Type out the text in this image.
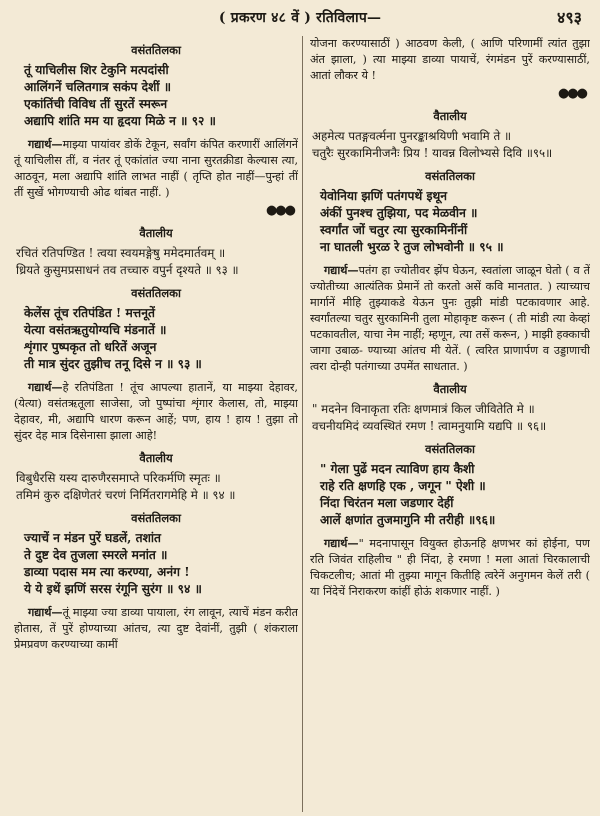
( प्रकरण ४८ वें ) रतिविलाप—	४९३
वसंततिलका
तूं याचिलीस शिर टेकुनि मत्पदांसी
आलिंगनें चलितगात्र सकंप देशीं ॥
एकांतिंची विविध तीं सुरतें स्मरून
अद्यापि शांति मम या हृदया मिळे न ॥ ९२ ॥
गद्यार्थ—माझ्या पायांवर डोकें टेकून, सर्वांग कंपित करणारीं आलिंगनें तूं याचिलीस तीं, व नंतर तूं एकांतांत ज्या नाना सुरतक्रीडा केल्यास त्या, आठवून, मला अद्यापि शांति लाभत नाहीं ( तृप्ति होत नाहीं—पुन्हां तीं तीं सुखें भोगण्याची ओढ थांबत नाहीं. )
●●●
वैतालीय
रचितं रतिपण्डित ! त्वया स्वयमङ्गेषु ममेदमार्तवम् ॥
ध्रियते कुसुमप्रसाधनं तव तच्चारु वपुर्न दृश्यते ॥ ९३ ॥
वसंततिलका
केलेंस तूंच रतिपंडित ! मत्तनूतें
येत्या वसंतऋतुयोग्यचि मंडनातें ॥
शृंगार पुष्पकृत तो धरितें अजून
ती मात्र सुंदर तुझीच तनू दिसे न ॥ ९३ ॥
गद्यार्थ—हे रतिपंडिता ! तूंच आपल्या हातानें, या माझ्या देहावर, (येत्या) वसंतऋतूला साजेसा, जो पुष्पांचा शृंगार केलास, तो, माझ्या देहावर, मी, अद्यापि धारण करून आहें; पण, हाय ! हाय ! तुझा तो सुंदर देह मात्र दिसेनासा झाला आहे!
वैतालीय
विबुधैरसि यस्य दारुणैरसमाप्ते परिकर्मणि स्मृतः ॥
तमिमं कुरु दक्षिणेतरं चरणं निर्मितरागमेहि मे ॥ ९४ ॥
वसंततिलका
ज्याचें न मंडन पुरें घडलें, तशांत
ते दुष्ट देव तुजला स्मरले मनांत ॥
डाव्या पदास मम त्या करण्या, अनंग !
ये ये इथें झणिं सरस रंगूनि सुरंग ॥ ९४ ॥
गद्यार्थ—तूं माझ्या ज्या डाव्या पायाला, रंग लावून, त्याचें मंडन करीत होतास, तें पुरें होण्याच्या आंतच, त्या दुष्ट देवांनीं, तुझी ( शंकराला प्रेमप्रवण करण्याच्या कामीं
योजना करण्यासाठीं ) आठवण केली, ( आणि परिणामीं त्यांत तुझा अंत झाला, ) त्या माझ्या डाव्या पायाचें, रंगमंडन पुरें करण्यासाठीं, आतां लौकर ये !
●●●
वैतालीय
अहमेत्य पतङ्गवर्त्मना पुनरङ्काश्रयिणी भवामि ते ॥
चतुरैः सुरकामिनीजनैः प्रिय ! यावन्न विलोभ्यसे दिवि ॥९५॥
वसंततिलका
येवोनिया झणिं पतंगपथें इथून
अंकीं पुनश्च तुझिया, पद मेळवीन ॥
स्वर्गांत जों चतुर त्या सुरकामिनींनीं
ना घातली भुरळ रे तुज लोभवोनी ॥ ९५ ॥
गद्यार्थ—पतंग हा ज्योतीवर झेंप घेऊन, स्वतांला जाळून घेतो ( व तें ज्योतीच्या आत्यंतिक प्रेमानें तो करतो असें कवि मानतात. ) त्याच्याच मार्गानें मीहि तुझ्याकडे येऊन पुनः तुझी मांडी पटकावणार आहे. स्वर्गांतल्या चतुर सुरकामिनी तुला मोहाकृष्ट करून ( ती मांडी त्या केव्हां पटकावतील, याचा नेम नाहीं; म्हणून, त्या तसें करून, ) माझी हक्काची जागा उबाळ- ण्याच्या आंतच मी येतें. ( त्वरित प्राणार्पण व उड्डाणाची त्वरा दोन्ही पतंगाच्या उपमेंत साधतात. )
वैतालीय
" मदनेन विनाकृता रतिः क्षणमात्रं किल जीवितेति मे ॥
वचनीयमिदं व्यवस्थितं रमण ! त्वामनुयामि यद्यपि ॥ ९६॥
वसंततिलका
" गेला पुढें मदन त्याविण हाय कैशी
राहे रति क्षणहि एक , जगून " ऐशी ॥
निंदा चिरंतन मला जडणार देहीं
आलें क्षणांत तुजमागुनि मी तरीही ॥९६॥
गद्यार्थ—" मदनापासून वियुक्त होऊनहि क्षणभर कां होईना, पण रति जिवंत राहिलीच " ही निंदा, हे रमणा ! मला आतां चिरकालाची चिकटलीच; आतां मी तुझ्या मागून कितीहि त्वरेनें अनुगमन केलें तरी ( या निंदेचें निराकरण कांहीं होऊं शकणार नाहीं. )
